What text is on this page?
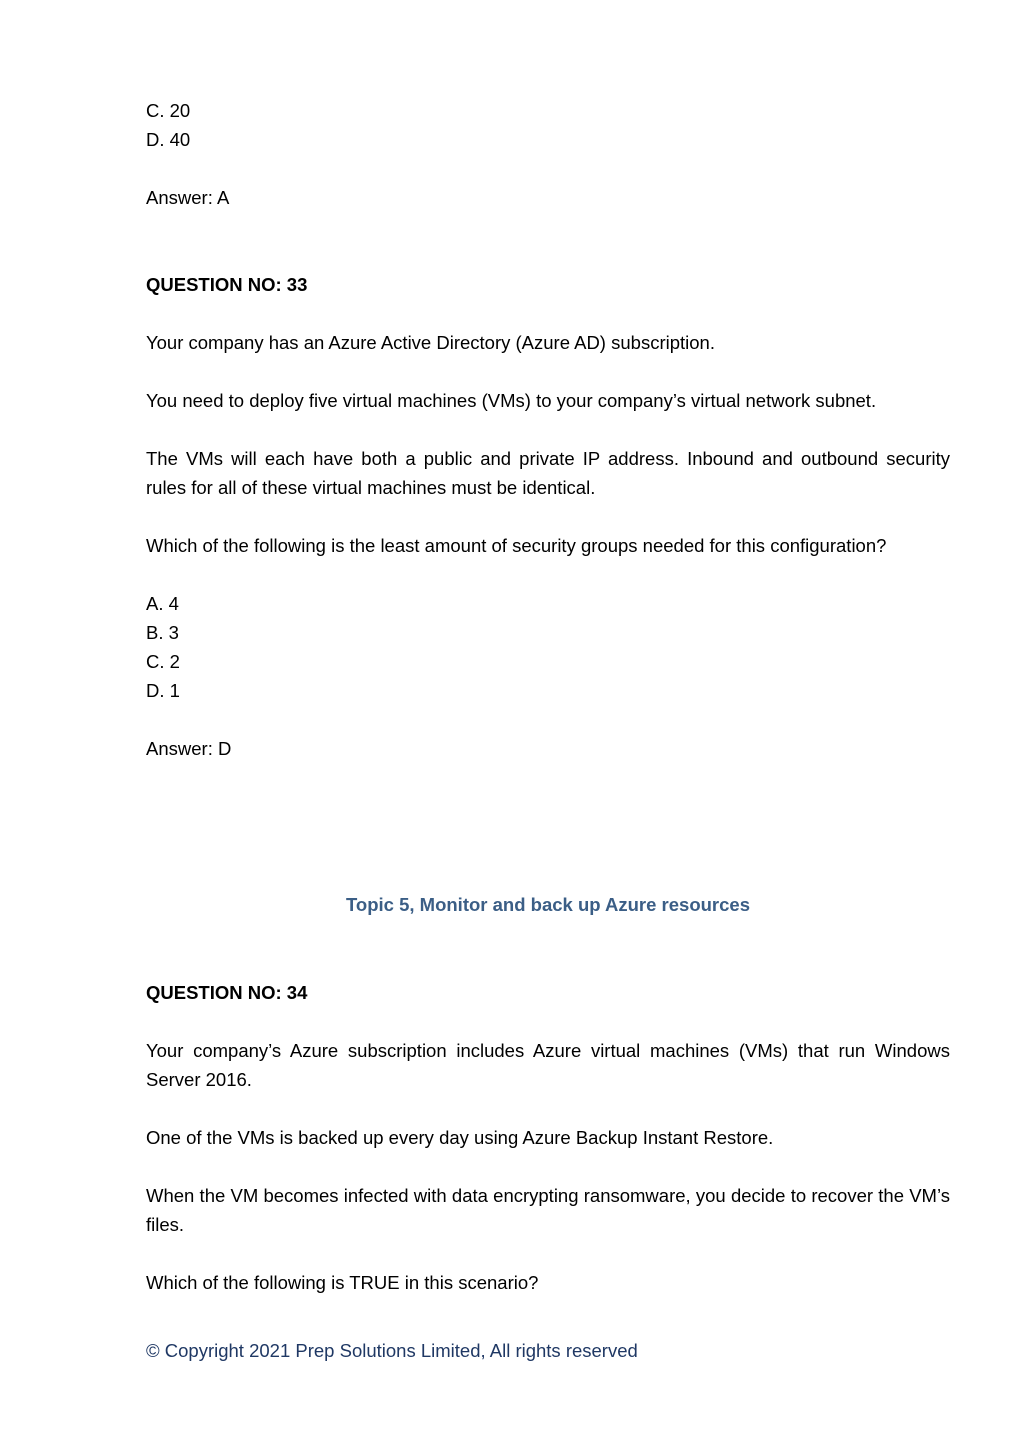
C. 20
D. 40
Answer: A
QUESTION NO: 33
Your company has an Azure Active Directory (Azure AD) subscription.
You need to deploy five virtual machines (VMs) to your company’s virtual network subnet.
The VMs will each have both a public and private IP address. Inbound and outbound security rules for all of these virtual machines must be identical.
Which of the following is the least amount of security groups needed for this configuration?
A. 4
B. 3
C. 2
D. 1
Answer: D
Topic 5, Monitor and back up Azure resources
QUESTION NO: 34
Your company’s Azure subscription includes Azure virtual machines (VMs) that run Windows Server 2016.
One of the VMs is backed up every day using Azure Backup Instant Restore.
When the VM becomes infected with data encrypting ransomware, you decide to recover the VM’s files.
Which of the following is TRUE in this scenario?
© Copyright 2021 Prep Solutions Limited, All rights reserved
